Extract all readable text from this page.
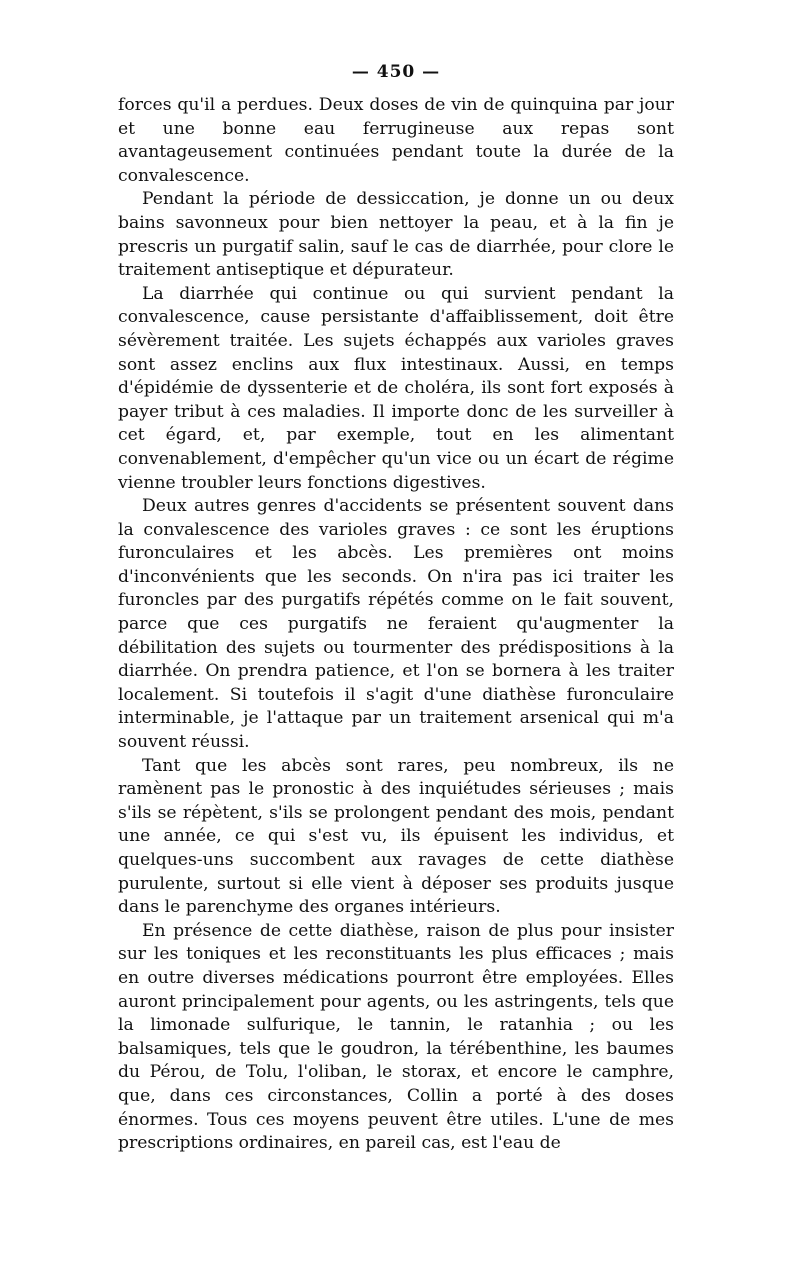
— 450 —

forces qu'il a perdues. Deux doses de vin de quinquina par jour et une bonne eau ferrugineuse aux repas sont avantageusement continuées pendant toute la durée de la convalescence.

Pendant la période de dessiccation, je donne un ou deux bains savonneux pour bien nettoyer la peau, et à la fin je prescris un purgatif salin, sauf le cas de diarrhée, pour clore le traitement antiseptique et dépurateur.

La diarrhée qui continue ou qui survient pendant la convalescence, cause persistante d'affaiblissement, doit être sévèrement traitée. Les sujets échappés aux varioles graves sont assez enclins aux flux intestinaux. Aussi, en temps d'épidémie de dyssenterie et de choléra, ils sont fort exposés à payer tribut à ces maladies. Il importe donc de les surveiller à cet égard, et, par exemple, tout en les alimentant convenablement, d'empêcher qu'un vice ou un écart de régime vienne troubler leurs fonctions digestives.

Deux autres genres d'accidents se présentent souvent dans la convalescence des varioles graves : ce sont les éruptions furonculaires et les abcès. Les premières ont moins d'inconvénients que les seconds. On n'ira pas ici traiter les furoncles par des purgatifs répétés comme on le fait souvent, parce que ces purgatifs ne feraient qu'augmenter la débilitation des sujets ou tourmenter des prédispositions à la diarrhée. On prendra patience, et l'on se bornera à les traiter localement. Si toutefois il s'agit d'une diathèse furonculaire interminable, je l'attaque par un traitement arsenical qui m'a souvent réussi.

Tant que les abcès sont rares, peu nombreux, ils ne ramènent pas le pronostic à des inquiétudes sérieuses ; mais s'ils se répètent, s'ils se prolongent pendant des mois, pendant une année, ce qui s'est vu, ils épuisent les individus, et quelques-uns succombent aux ravages de cette diathèse purulente, surtout si elle vient à déposer ses produits jusque dans le parenchyme des organes intérieurs.

En présence de cette diathèse, raison de plus pour insister sur les toniques et les reconstituants les plus efficaces ; mais en outre diverses médications pourront être employées. Elles auront principalement pour agents, ou les astringents, tels que la limonade sulfurique, le tannin, le ratanhia ; ou les balsamiques, tels que le goudron, la térébenthine, les baumes du Pérou, de Tolu, l'oliban, le storax, et encore le camphre, que, dans ces circonstances, Collin a porté à des doses énormes. Tous ces moyens peuvent être utiles. L'une de mes prescriptions ordinaires, en pareil cas, est l'eau de
